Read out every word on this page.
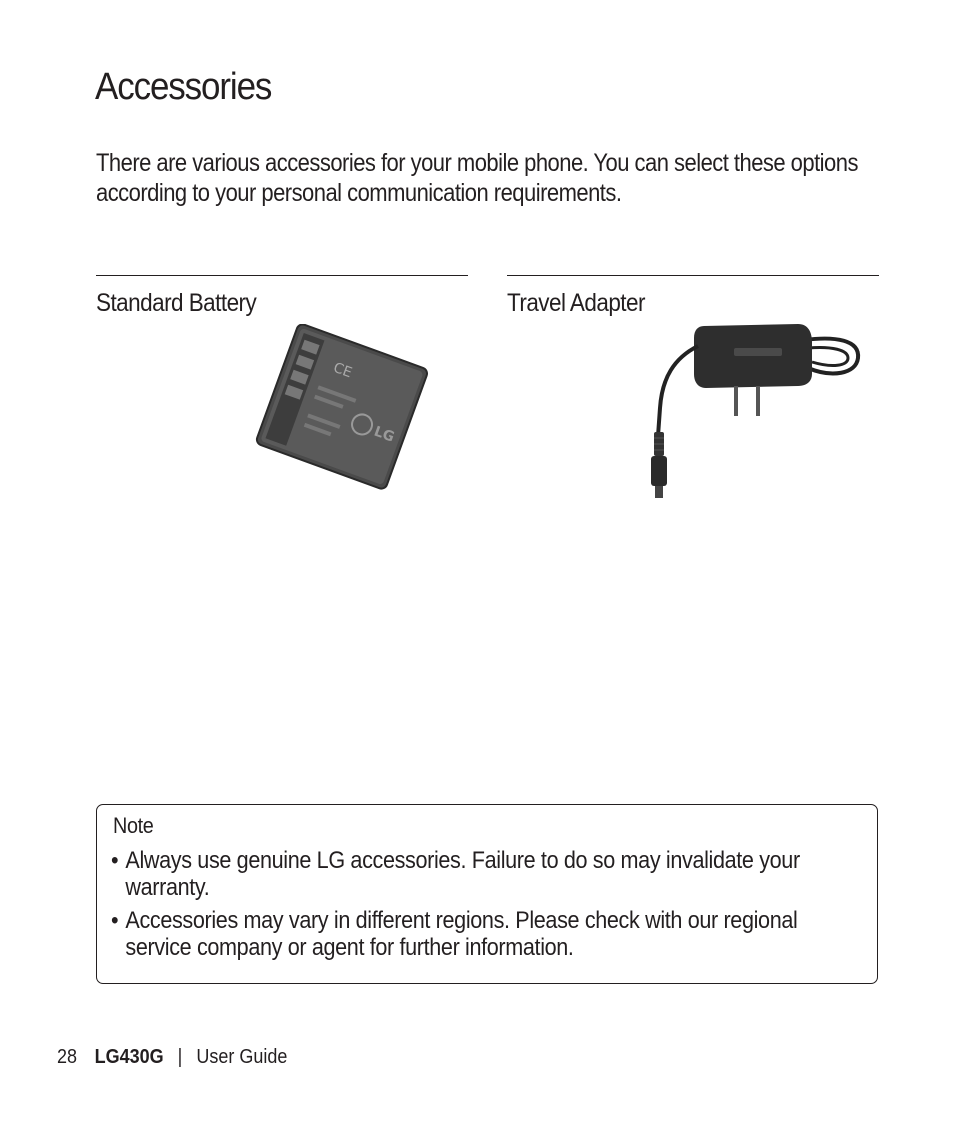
Accessories
There are various accessories for your mobile phone. You can select these options according to your personal communication requirements.
Standard Battery	Travel Adapter
CE
LG
Note
• Always use genuine LG accessories. Failure to do so may invalidate your warranty.
• Accessories may vary in different regions. Please check with our regional service company or agent for further information.
28 LG430G | User Guide
